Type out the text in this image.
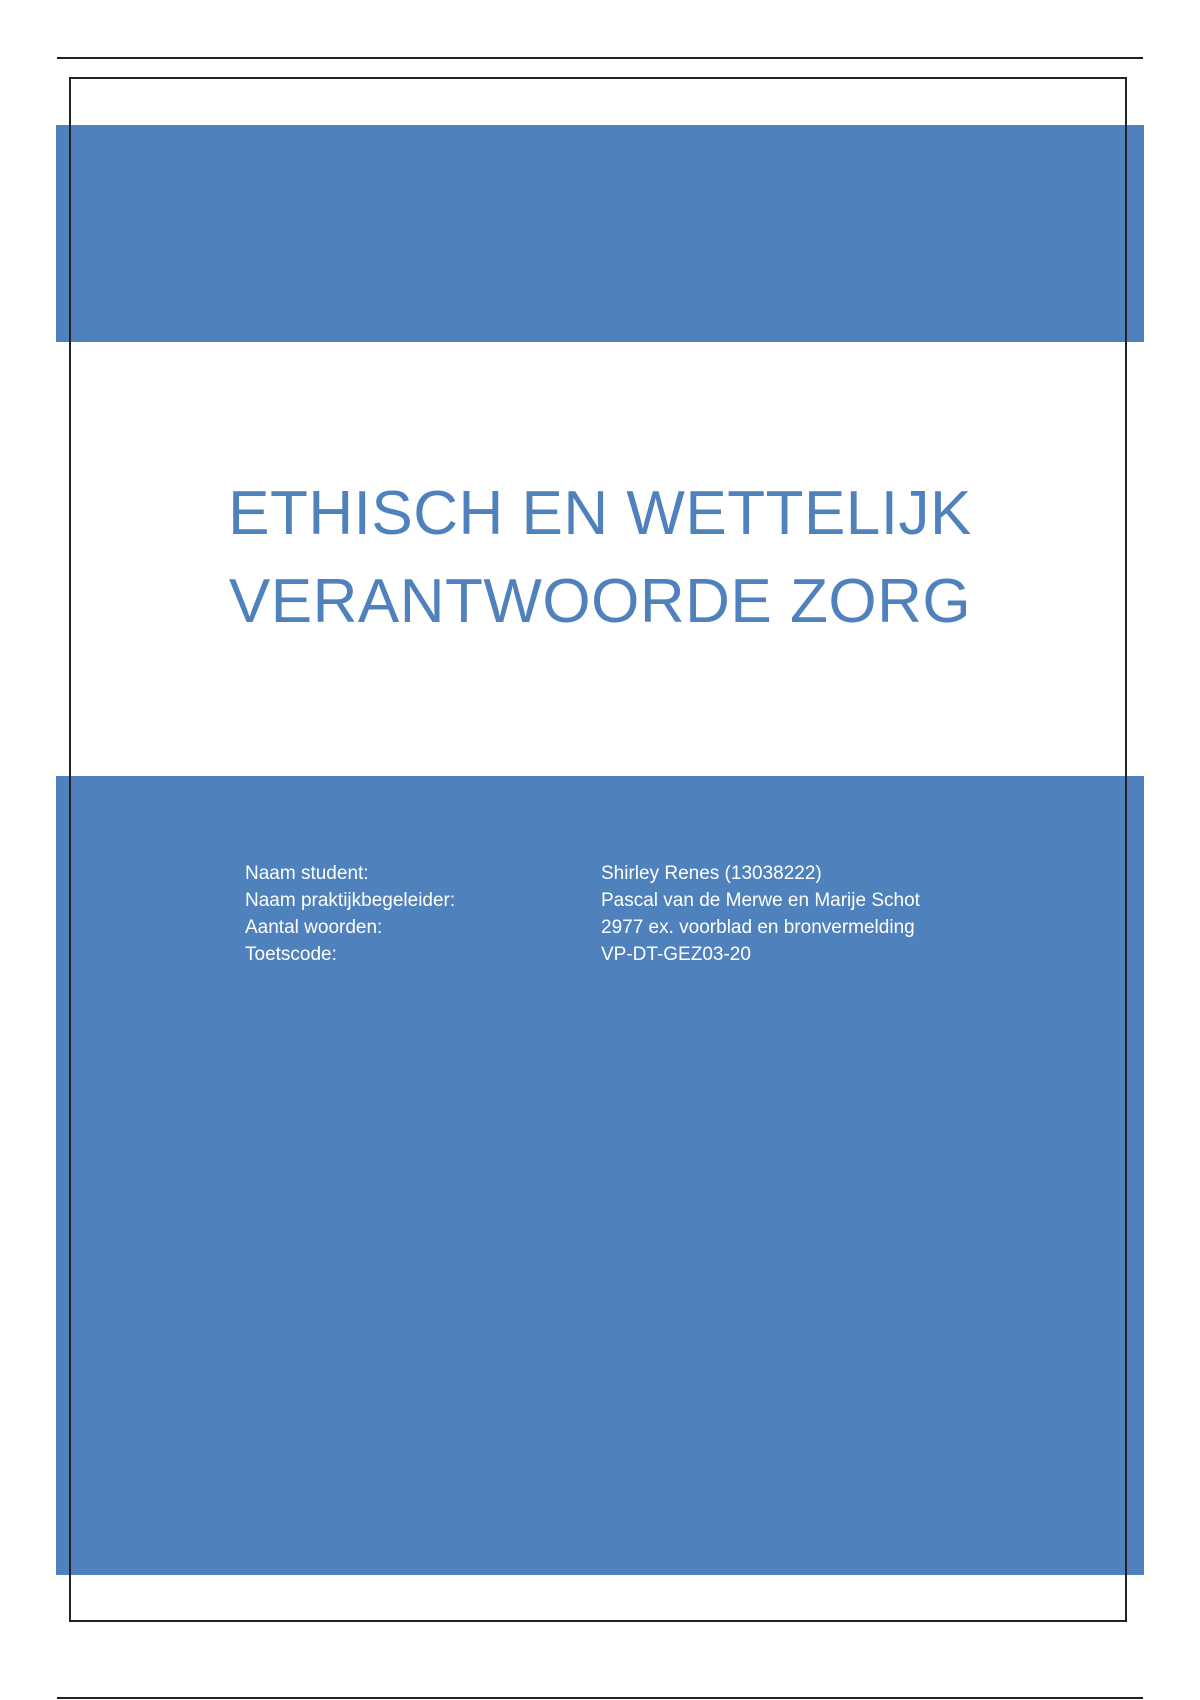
ETHISCH EN WETTELIJK
VERANTWOORDE ZORG
Naam student:	Shirley Renes (13038222)
Naam praktijkbegeleider:	Pascal van de Merwe en Marije Schot
Aantal woorden:	2977 ex. voorblad en bronvermelding
Toetscode:	VP-DT-GEZ03-20
